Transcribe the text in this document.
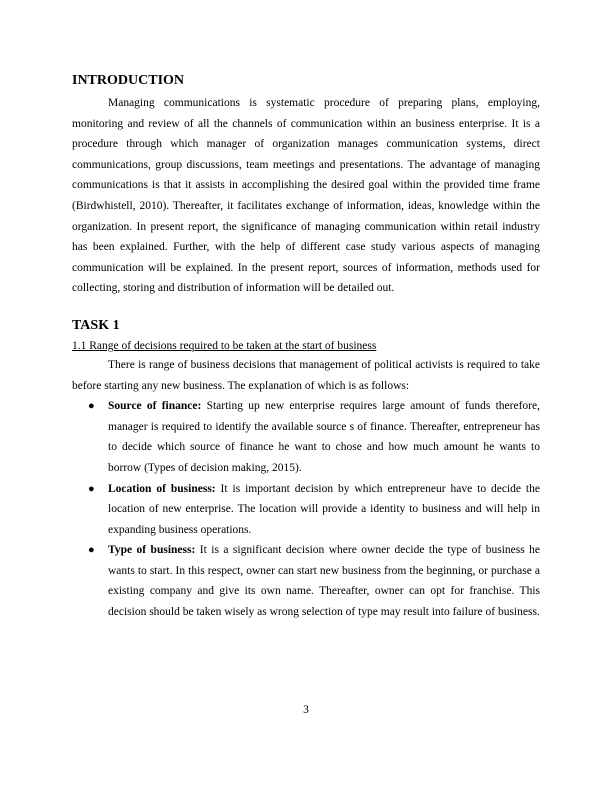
INTRODUCTION

Managing communications is systematic procedure of preparing plans, employing, monitoring and review of all the channels of communication within an business enterprise. It is a procedure through which manager of organization manages communication systems, direct communications, group discussions, team meetings and presentations. The advantage of managing communications is that it assists in accomplishing the desired goal within the provided time frame (Birdwhistell, 2010). Thereafter, it facilitates exchange of information, ideas, knowledge within the organization. In present report, the significance of managing communication within retail industry has been explained. Further, with the help of different case study various aspects of managing communication will be explained. In the present report, sources of information, methods used for collecting, storing and distribution of information will be detailed out.

TASK 1

1.1 Range of decisions required to be taken at the start of business

There is range of business decisions that management of political activists is required to take before starting any new business. The explanation of which is as follows:

● Source of finance: Starting up new enterprise requires large amount of funds therefore, manager is required to identify the available source s of finance. Thereafter, entrepreneur has to decide which source of finance he want to chose and how much amount he wants to borrow (Types of decision making, 2015).
● Location of business: It is important decision by which entrepreneur have to decide the location of new enterprise. The location will provide a identity to business and will help in expanding business operations.
● Type of business: It is a significant decision where owner decide the type of business he wants to start. In this respect, owner can start new business from the beginning, or purchase a existing company and give its own name. Thereafter, owner can opt for franchise. This decision should be taken wisely as wrong selection of type may result into failure of business.
3
